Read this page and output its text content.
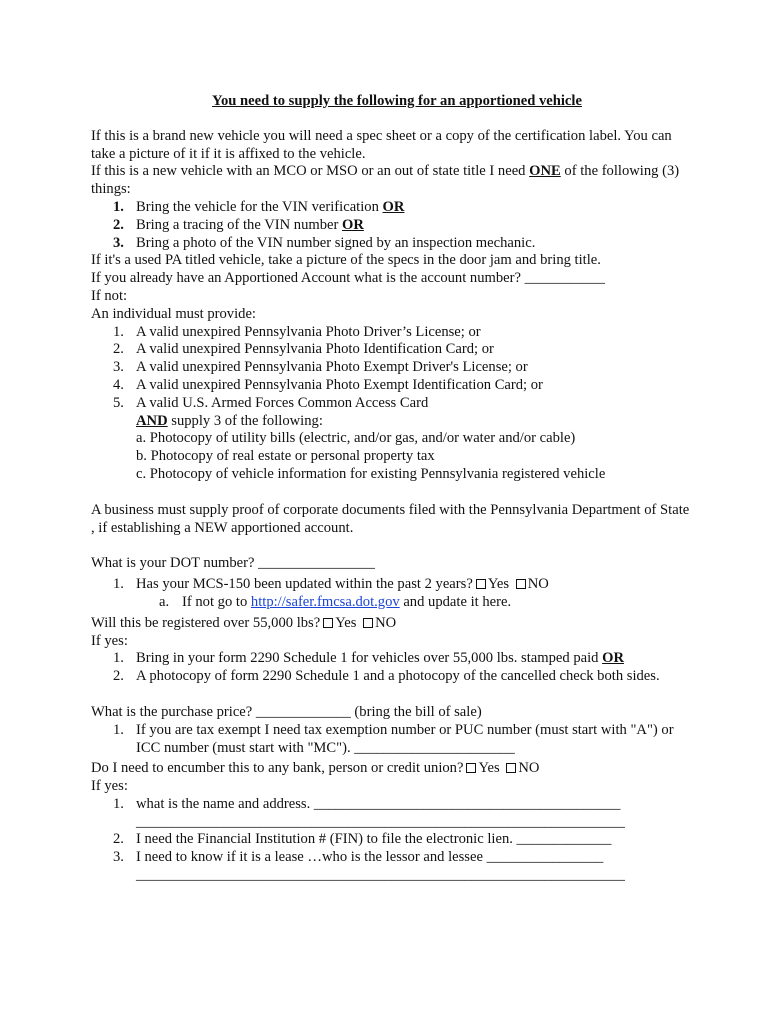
You need to supply the following for an apportioned vehicle

If this is a brand new vehicle you will need a spec sheet or a copy of the certification label. You can take a picture of it if it is affixed to the vehicle.

If this is a new vehicle with an MCO or MSO or an out of state title I need ONE of the following (3) things:

1. Bring the vehicle for the VIN verification OR
2. Bring a tracing of the VIN number OR
3. Bring a photo of the VIN number signed by an inspection mechanic.

If it's a used PA titled vehicle, take a picture of the specs in the door jam and bring title.

If you already have an Apportioned Account what is the account number? ___________

If not:

An individual must provide:

1. A valid unexpired Pennsylvania Photo Driver’s License; or
2. A valid unexpired Pennsylvania Photo Identification Card; or
3. A valid unexpired Pennsylvania Photo Exempt Driver's License; or
4. A valid unexpired Pennsylvania Photo Exempt Identification Card; or
5. A valid U.S. Armed Forces Common Access Card

AND supply 3 of the following:

a. Photocopy of utility bills (electric, and/or gas, and/or water and/or cable)

b. Photocopy of real estate or personal property tax

c. Photocopy of vehicle information for existing Pennsylvania registered vehicle

A business must supply proof of corporate documents filed with the Pennsylvania Department of State , if establishing a NEW apportioned account.

What is your DOT number? ________________

1. Has your MCS-150 been updated within the past 2 years? Yes NO
a. If not go to http://safer.fmcsa.dot.gov and update it here.

Will this be registered over 55,000 lbs? Yes NO

If yes:

1. Bring in your form 2290 Schedule 1 for vehicles over 55,000 lbs. stamped paid OR
2. A photocopy of form 2290 Schedule 1 and a photocopy of the cancelled check both sides.

What is the purchase price? _____________ (bring the bill of sale)

1. If you are tax exempt I need tax exemption number or PUC number (must start with "A") or ICC number (must start with "MC"). ______________________

Do I need to encumber this to any bank, person or credit union? Yes NO

If yes:

1. what is the name and address. __________________________________________ ___________________________________________________________________
2. I need the Financial Institution # (FIN) to file the electronic lien. _____________
3. I need to know if it is a lease …who is the lessor and lessee ________________ ___________________________________________________________________
